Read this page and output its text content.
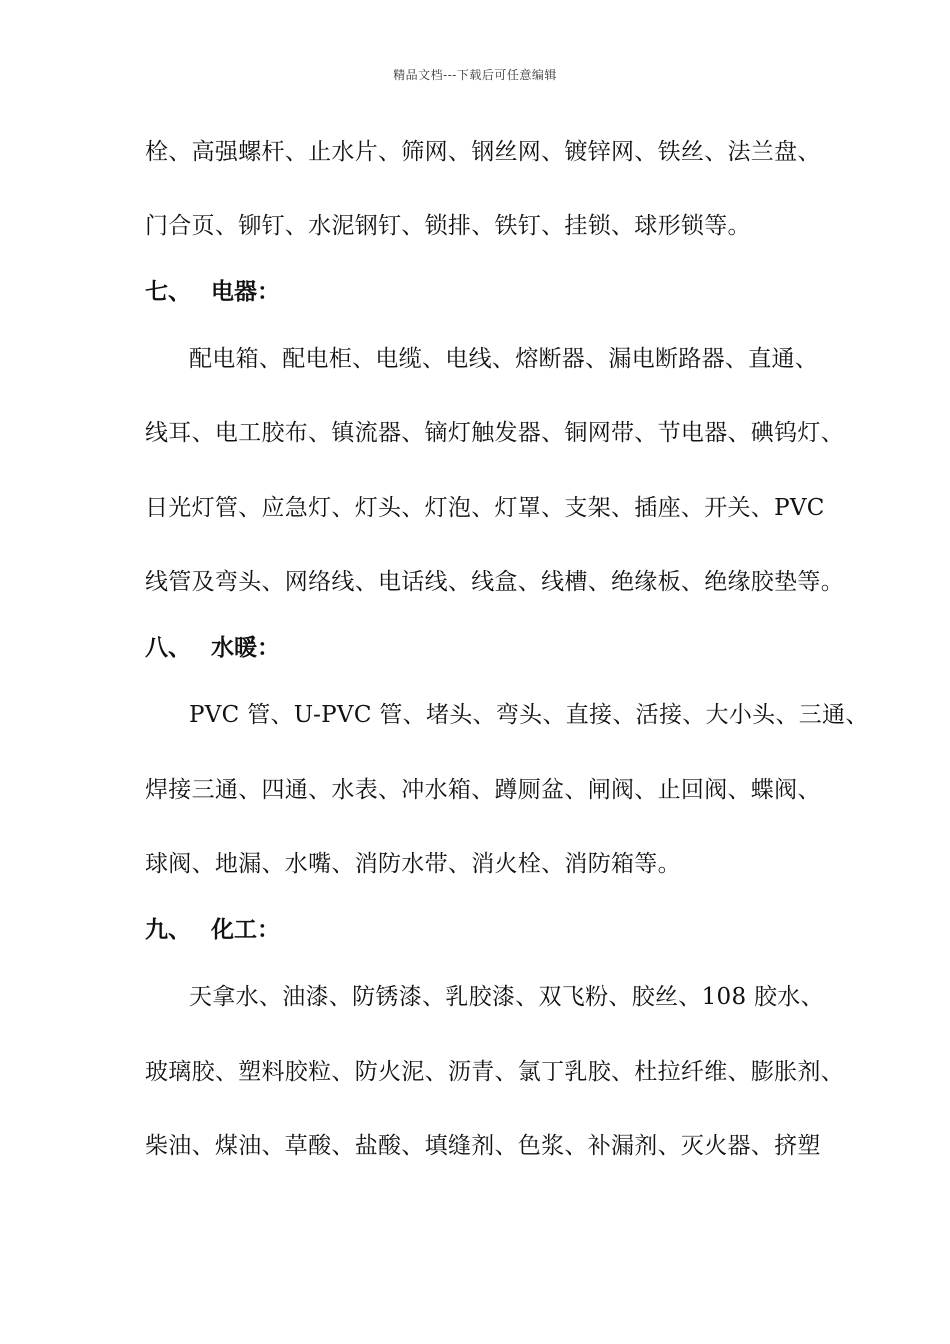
精品文档---下载后可任意编辑
栓、高强螺杆、止水片、筛网、钢丝网、镀锌网、铁丝、法兰盘、
门合页、铆钉、水泥钢钉、锁排、铁钉、挂锁、球形锁等。
七、 电器：
配电箱、配电柜、电缆、电线、熔断器、漏电断路器、直通、
线耳、电工胶布、镇流器、镝灯触发器、铜网带、节电器、碘钨灯、
日光灯管、应急灯、灯头、灯泡、灯罩、支架、插座、开关、PVC
线管及弯头、网络线、电话线、线盒、线槽、绝缘板、绝缘胶垫等。
八、 水暖：
PVC 管、U-PVC 管、堵头、弯头、直接、活接、大小头、三通、
焊接三通、四通、水表、冲水箱、蹲厕盆、闸阀、止回阀、蝶阀、
球阀、地漏、水嘴、消防水带、消火栓、消防箱等。
九、 化工：
天拿水、油漆、防锈漆、乳胶漆、双飞粉、胶丝、108 胶水、
玻璃胶、塑料胶粒、防火泥、沥青、氯丁乳胶、杜拉纤维、膨胀剂、
柴油、煤油、草酸、盐酸、填缝剂、色浆、补漏剂、灭火器、挤塑
